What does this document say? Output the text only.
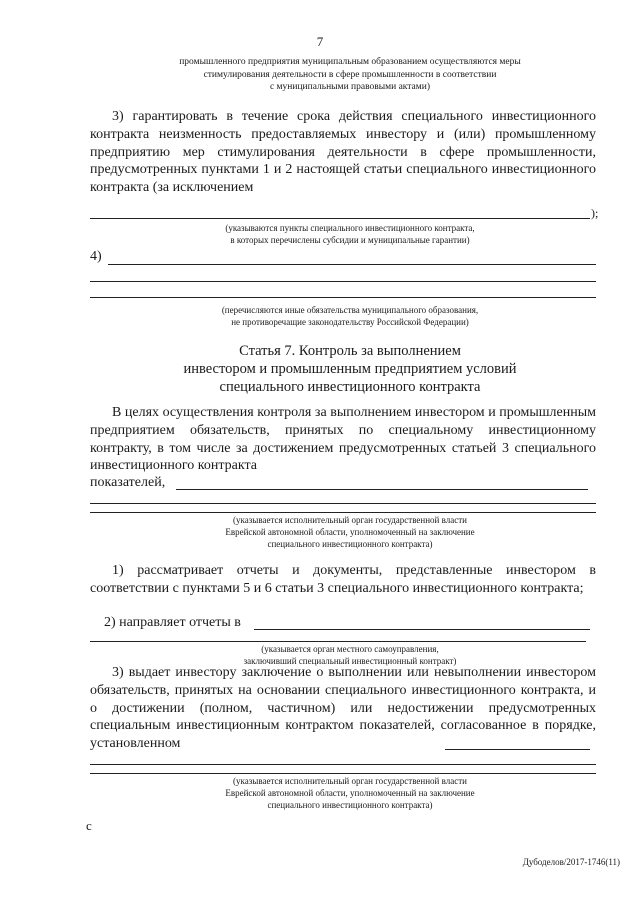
7
промышленного предприятия муниципальным образованием осуществляются меры
стимулирования деятельности в сфере промышленности в соответствии
с муниципальными правовыми актами)
3) гарантировать в течение срока действия специального инвестиционного контракта неизменность предоставляемых инвестору и (или) промышленному предприятию мер стимулирования деятельности в сфере промышленности, предусмотренных пунктами 1 и 2 настоящей статьи специального инвестиционного контракта (за исключением
);
(указываются пункты специального инвестиционного контракта,
в которых перечислены субсидии и муниципальные гарантии)
4)
(перечисляются иные обязательства муниципального образования,
не противоречащие законодательству Российской Федерации)
Статья 7. Контроль за выполнением
инвестором и промышленным предприятием условий
специального инвестиционного контракта
В целях осуществления контроля за выполнением инвестором и промышленным предприятием обязательств, принятых по специальному инвестиционному контракту, в том числе за достижением предусмотренных статьей 3 специального инвестиционного контракта
показателей,
(указывается исполнительный орган государственной власти
Еврейской автономной области, уполномоченный на заключение
специального инвестиционного контракта)
1) рассматривает отчеты и документы, представленные инвестором в соответствии с пунктами 5 и 6 статьи 3 специального инвестиционного контракта;
2) направляет отчеты в
(указывается орган местного самоуправления,
заключивший специальный инвестиционный контракт)
3) выдает инвестору заключение о выполнении или невыполнении инвестором обязательств, принятых на основании специального инвестиционного контракта, и о достижении (полном, частичном) или недостижении предусмотренных специальным инвестиционным контрактом показателей, согласованное в порядке, установленном
(указывается исполнительный орган государственной власти
Еврейской автономной области, уполномоченный на заключение
специального инвестиционного контракта)
c
Дубоделов/2017-1746(11)
